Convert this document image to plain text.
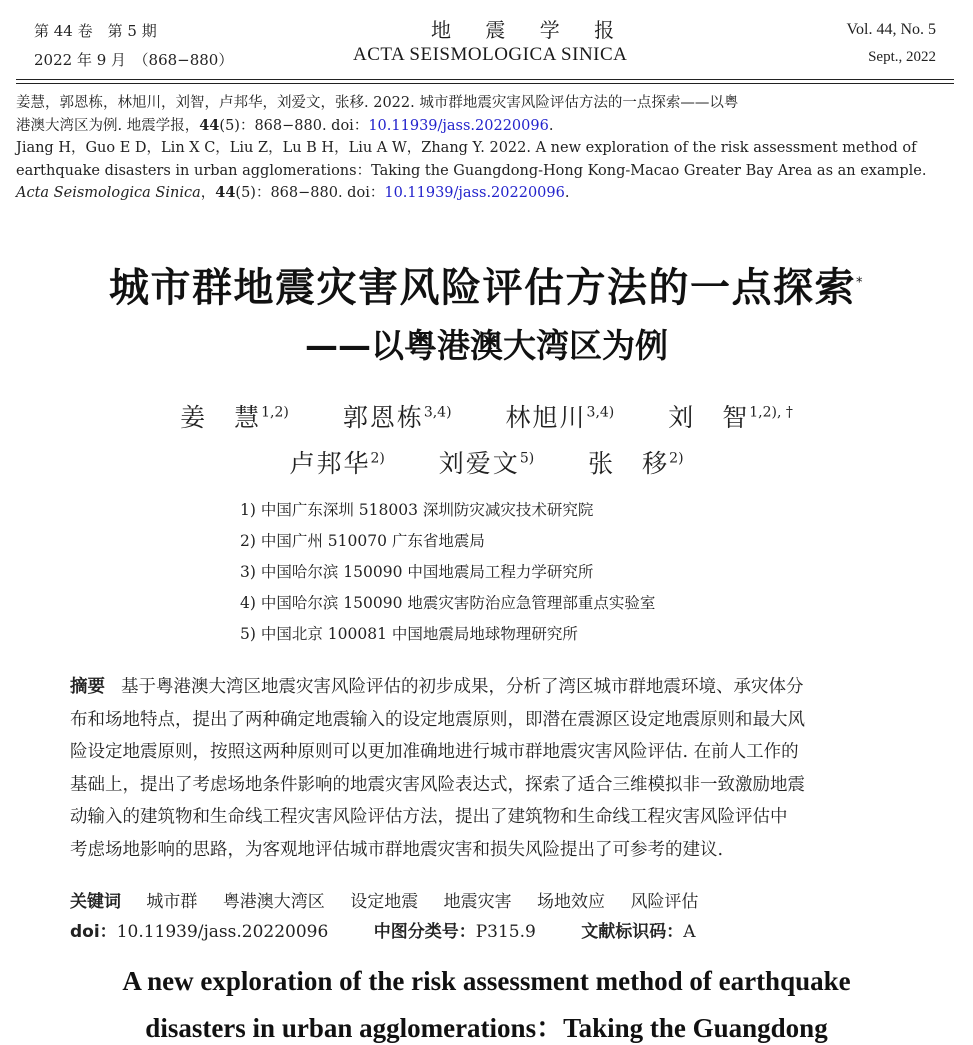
第 44 卷　第 5 期
2022 年 9 月　（868−880）
地 震 学 报
ACTA SEISMOLOGICA SINICA
Vol. 44, No. 5
Sept., 2022
姜慧，郭恩栋，林旭川，刘智，卢邦华，刘爱文，张移. 2022. 城市群地震灾害风险评估方法的一点探索——以粤
港澳大湾区为例. 地震学报，44(5)：868−880. doi：10.11939/jass.20220096.
Jiang H，Guo E D，Lin X C，Liu Z，Lu B H，Liu A W，Zhang Y. 2022. A new exploration of the risk assessment method of
earthquake disasters in urban agglomerations：Taking the Guangdong-Hong Kong-Macao Greater Bay Area as an example.
Acta Seismologica Sinica，44(5)：868−880. doi：10.11939/jass.20220096.
城市群地震灾害风险评估方法的一点探索*
——以粤港澳大湾区为例
姜　慧$^{1,2)}$ 郭恩栋$^{3,4)}$ 林旭川$^{3,4)}$ 刘　智$^{1,2), \dagger}$
卢邦华$^{2)}$ 刘爱文$^{5)}$ 张　移$^{2)}$
1) 中国广东深圳 518003 深圳防灾减灾技术研究院
2) 中国广州 510070 广东省地震局
3) 中国哈尔滨 150090 中国地震局工程力学研究所
4) 中国哈尔滨 150090 地震灾害防治应急管理部重点实验室
5) 中国北京 100081 中国地震局地球物理研究所
摘要 基于粤港澳大湾区地震灾害风险评估的初步成果，分析了湾区城市群地震环境、承灾体分
布和场地特点，提出了两种确定地震输入的设定地震原则，即潜在震源区设定地震原则和最大风
险设定地震原则，按照这两种原则可以更加准确地进行城市群地震灾害风险评估. 在前人工作的
基础上，提出了考虑场地条件影响的地震灾害风险表达式，探索了适合三维模拟非一致激励地震
动输入的建筑物和生命线工程灾害风险评估方法，提出了建筑物和生命线工程灾害风险评估中
考虑场地影响的思路，为客观地评估城市群地震灾害和损失风险提出了可参考的建议.
关键词 城市群 粤港澳大湾区 设定地震 地震灾害 场地效应 风险评估
doi：10.11939/jass.20220096	中图分类号：P315.9	文献标识码：A
A new exploration of the risk assessment method of earthquake
disasters in urban agglomerations：Taking the Guangdong
